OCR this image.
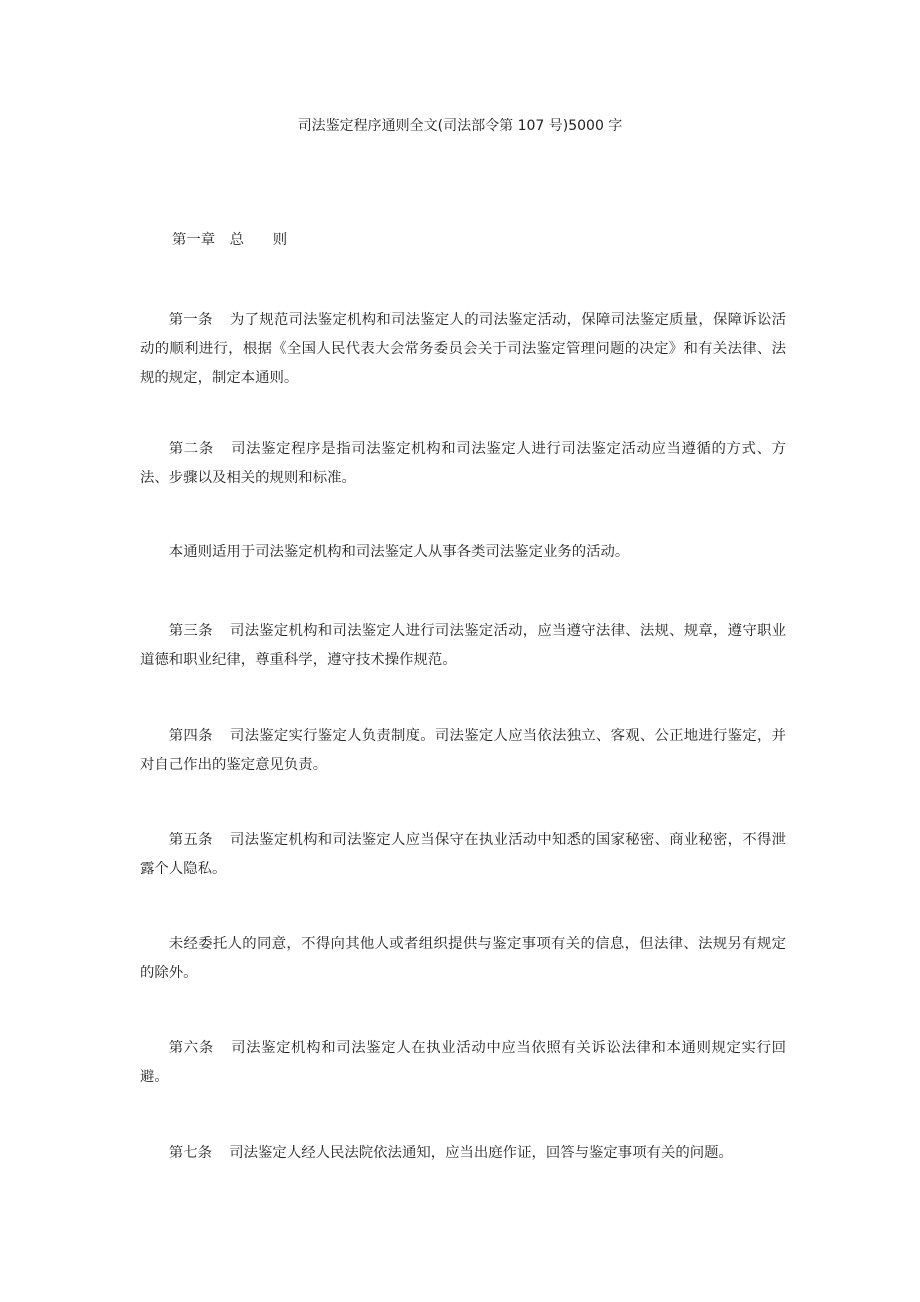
司法鉴定程序通则全文(司法部令第 107 号)5000 字
第一章　总　　则

第一条 为了规范司法鉴定机构和司法鉴定人的司法鉴定活动，保障司法鉴定质量，保障诉讼活动的顺利进行，根据《全国人民代表大会常务委员会关于司法鉴定管理问题的决定》和有关法律、法规的规定，制定本通则。

第二条 司法鉴定程序是指司法鉴定机构和司法鉴定人进行司法鉴定活动应当遵循的方式、方法、步骤以及相关的规则和标准。

本通则适用于司法鉴定机构和司法鉴定人从事各类司法鉴定业务的活动。

第三条 司法鉴定机构和司法鉴定人进行司法鉴定活动，应当遵守法律、法规、规章，遵守职业道德和职业纪律，尊重科学，遵守技术操作规范。

第四条 司法鉴定实行鉴定人负责制度。司法鉴定人应当依法独立、客观、公正地进行鉴定，并对自己作出的鉴定意见负责。

第五条 司法鉴定机构和司法鉴定人应当保守在执业活动中知悉的国家秘密、商业秘密，不得泄露个人隐私。

未经委托人的同意，不得向其他人或者组织提供与鉴定事项有关的信息，但法律、法规另有规定的除外。

第六条 司法鉴定机构和司法鉴定人在执业活动中应当依照有关诉讼法律和本通则规定实行回避。

第七条 司法鉴定人经人民法院依法通知，应当出庭作证，回答与鉴定事项有关的问题。
